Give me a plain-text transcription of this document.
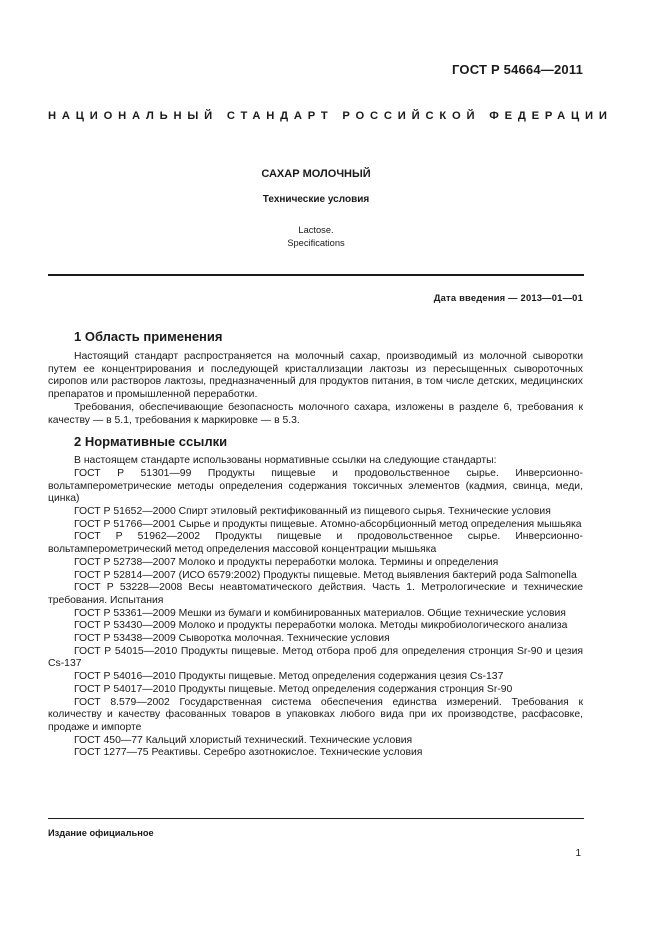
ГОСТ Р 54664—2011
НАЦИОНАЛЬНЫЙ СТАНДАРТ РОССИЙСКОЙ ФЕДЕРАЦИИ
САХАР МОЛОЧНЫЙ
Технические условия
Lactose.
Specifications
Дата введения — 2013—01—01
1 Область применения

Настоящий стандарт распространяется на молочный сахар, производимый из молочной сыворотки путем ее концентрирования и последующей кристаллизации лактозы из пересыщенных сывороточных сиропов или растворов лактозы, предназначенный для продуктов питания, в том числе детских, медицинских препаратов и промышленной переработки.

Требования, обеспечивающие безопасность молочного сахара, изложены в разделе 6, требования к качеству — в 5.1, требования к маркировке — в 5.3.

2 Нормативные ссылки

В настоящем стандарте использованы нормативные ссылки на следующие стандарты:

ГОСТ Р 51301—99 Продукты пищевые и продовольственное сырье. Инверсионно-вольтамперометрические методы определения содержания токсичных элементов (кадмия, свинца, меди, цинка)

ГОСТ Р 51652—2000 Спирт этиловый ректификованный из пищевого сырья. Технические условия

ГОСТ Р 51766—2001 Сырье и продукты пищевые. Атомно-абсорбционный метод определения мышьяка

ГОСТ Р 51962—2002 Продукты пищевые и продовольственное сырье. Инверсионно-вольтамперометрический метод определения массовой концентрации мышьяка

ГОСТ Р 52738—2007 Молоко и продукты переработки молока. Термины и определения

ГОСТ Р 52814—2007 (ИСО 6579:2002) Продукты пищевые. Метод выявления бактерий рода Salmonella

ГОСТ Р 53228—2008 Весы неавтоматического действия. Часть 1. Метрологические и технические требования. Испытания

ГОСТ Р 53361—2009 Мешки из бумаги и комбинированных материалов. Общие технические условия

ГОСТ Р 53430—2009 Молоко и продукты переработки молока. Методы микробиологического анализа

ГОСТ Р 53438—2009 Сыворотка молочная. Технические условия

ГОСТ Р 54015—2010 Продукты пищевые. Метод отбора проб для определения стронция Sr-90 и цезия Cs-137

ГОСТ Р 54016—2010 Продукты пищевые. Метод определения содержания цезия Cs-137

ГОСТ Р 54017—2010 Продукты пищевые. Метод определения содержания стронция Sr-90

ГОСТ 8.579—2002 Государственная система обеспечения единства измерений. Требования к количеству и качеству фасованных товаров в упаковках любого вида при их производстве, расфасовке, продаже и импорте

ГОСТ 450—77 Кальций хлористый технический. Технические условия

ГОСТ 1277—75 Реактивы. Серебро азотнокислое. Технические условия

Издание официальное
1
